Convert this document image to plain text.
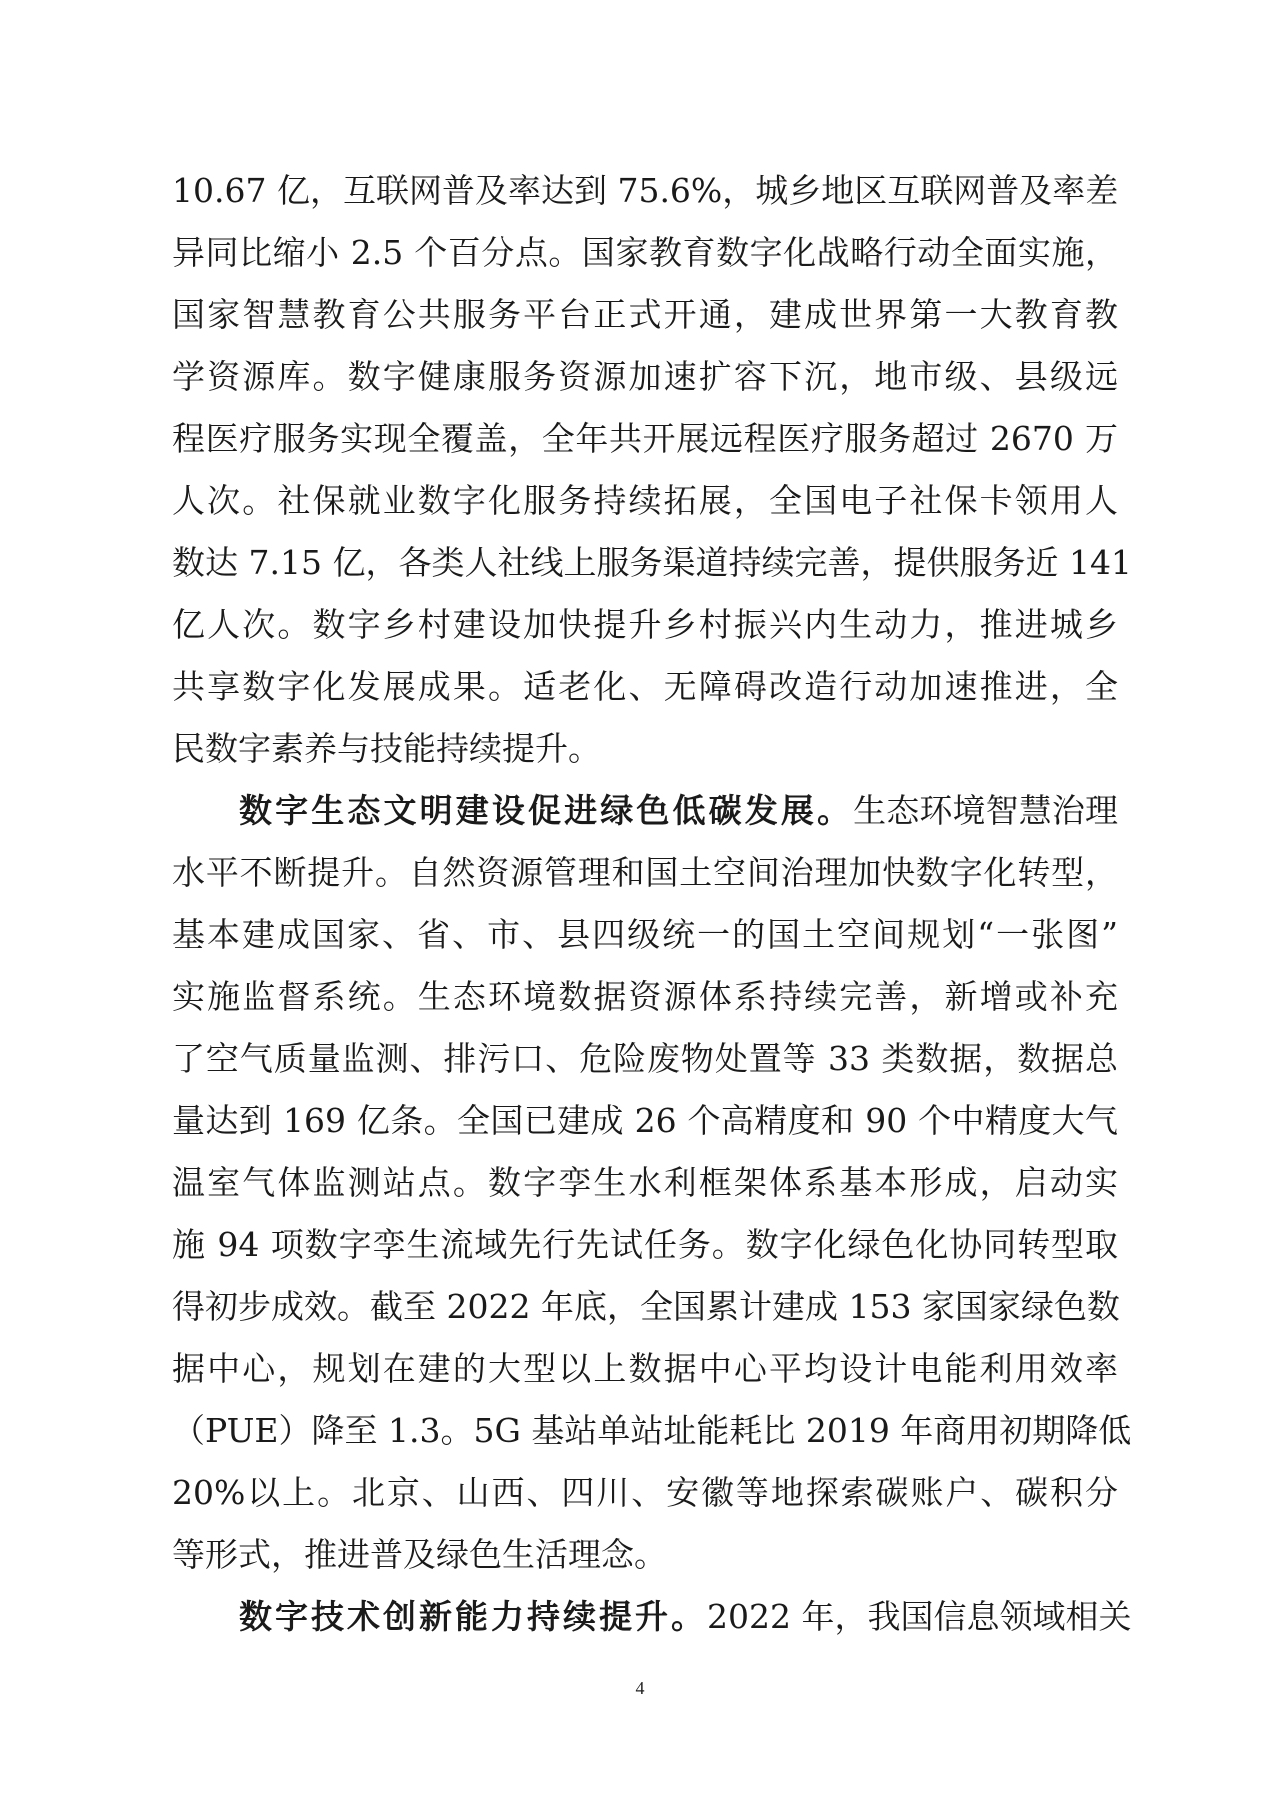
10.67 亿，互联网普及率达到 75.6%，城乡地区互联网普及率差
异同比缩小 2.5 个百分点。国家教育数字化战略行动全面实施，
国家智慧教育公共服务平台正式开通，建成世界第一大教育教
学资源库。数字健康服务资源加速扩容下沉，地市级、县级远
程医疗服务实现全覆盖，全年共开展远程医疗服务超过 2670 万
人次。社保就业数字化服务持续拓展，全国电子社保卡领用人
数达 7.15 亿，各类人社线上服务渠道持续完善，提供服务近 141
亿人次。数字乡村建设加快提升乡村振兴内生动力，推进城乡
共享数字化发展成果。适老化、无障碍改造行动加速推进，全
民数字素养与技能持续提升。
数字生态文明建设促进绿色低碳发展。生态环境智慧治理
水平不断提升。自然资源管理和国土空间治理加快数字化转型，
基本建成国家、省、市、县四级统一的国土空间规划“一张图”
实施监督系统。生态环境数据资源体系持续完善，新增或补充
了空气质量监测、排污口、危险废物处置等 33 类数据，数据总
量达到 169 亿条。全国已建成 26 个高精度和 90 个中精度大气
温室气体监测站点。数字孪生水利框架体系基本形成，启动实
施 94 项数字孪生流域先行先试任务。数字化绿色化协同转型取
得初步成效。截至 2022 年底，全国累计建成 153 家国家绿色数
据中心，规划在建的大型以上数据中心平均设计电能利用效率
（PUE）降至 1.3。5G 基站单站址能耗比 2019 年商用初期降低
20%以上。北京、山西、四川、安徽等地探索碳账户、碳积分
等形式，推进普及绿色生活理念。
数字技术创新能力持续提升。2022 年，我国信息领域相关
4
